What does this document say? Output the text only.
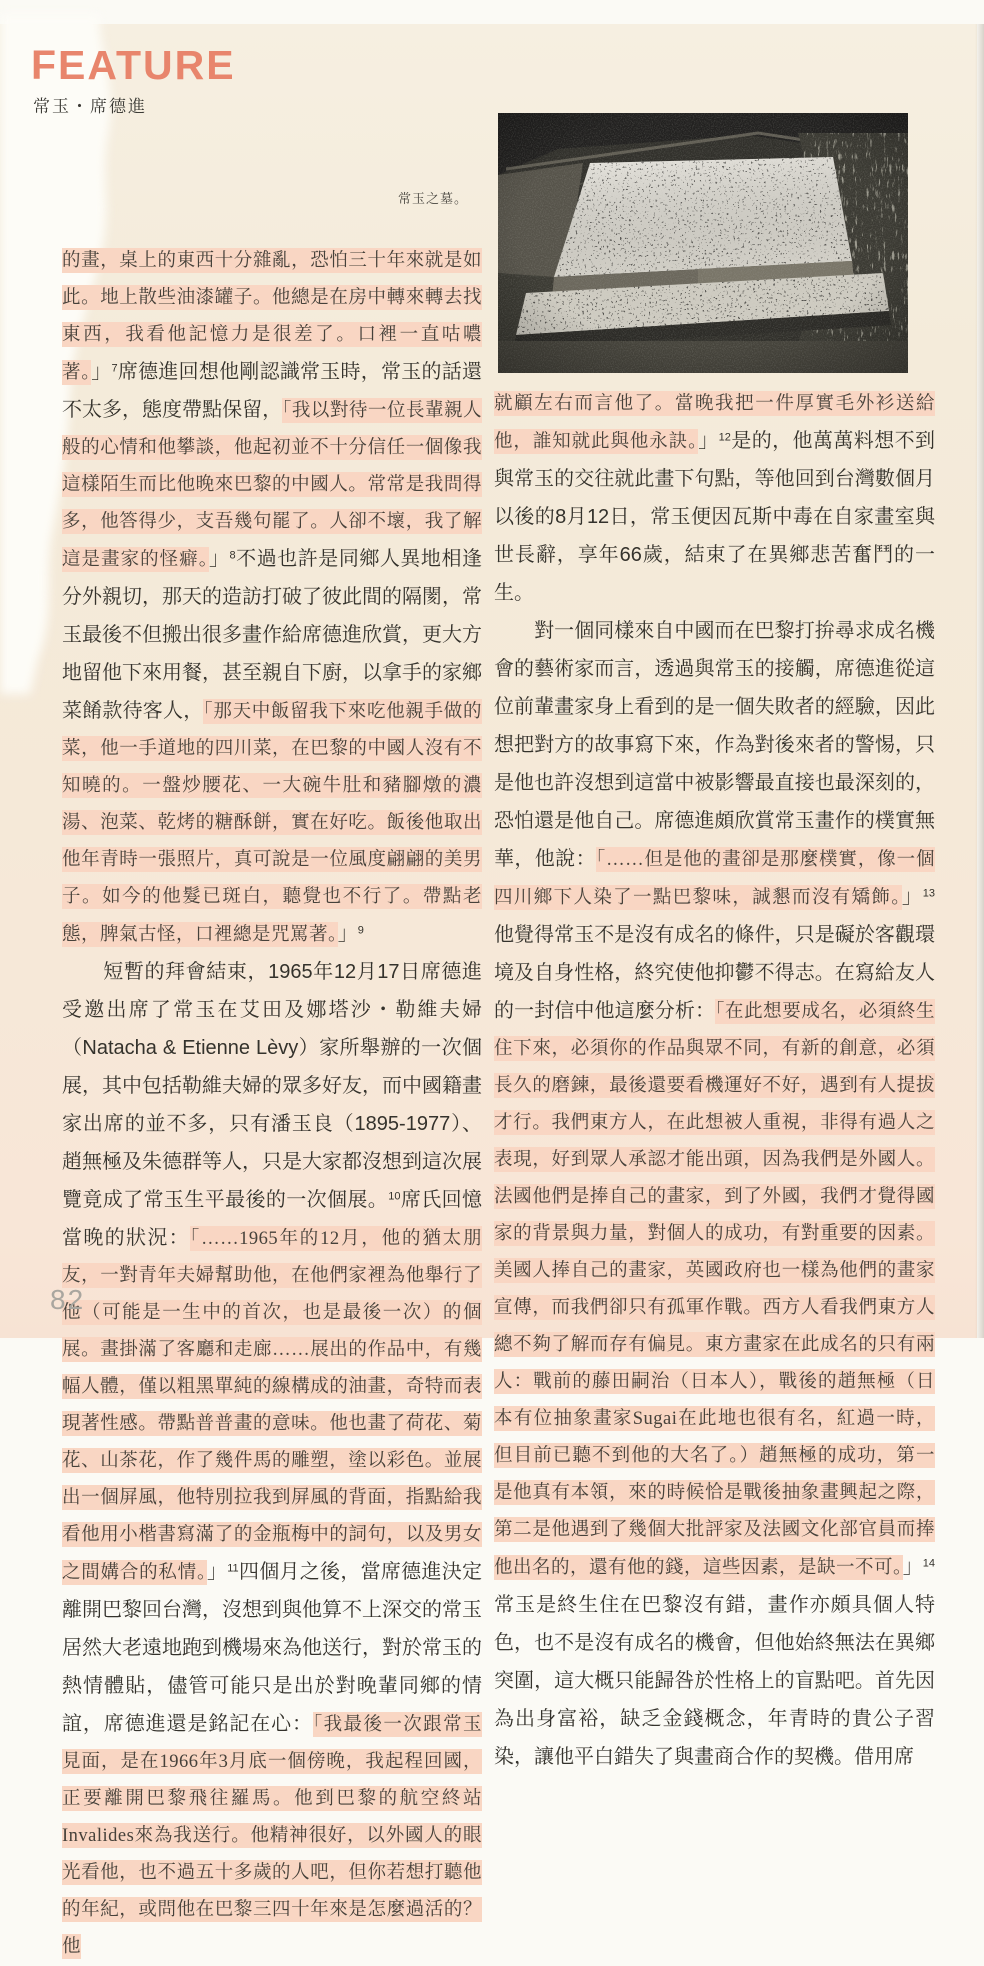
FEATURE
常玉・席德進
常玉之墓。
的畫，桌上的東西十分雜亂，恐怕三十年來就是如此。地上散些油漆罐子。他總是在房中轉來轉去找東西，我看他記憶力是很差了。口裡一直咕噥著。」$^7$席德進回想他剛認識常玉時，常玉的話還不太多，態度帶點保留，「我以對待一位長輩親人般的心情和他攀談，他起初並不十分信任一個像我這樣陌生而比他晚來巴黎的中國人。常常是我問得多，他答得少，支吾幾句罷了。人卻不壞，我了解這是畫家的怪癖。」$^8$不過也許是同鄉人異地相逢分外親切，那天的造訪打破了彼此間的隔閡，常玉最後不但搬出很多畫作給席德進欣賞，更大方地留他下來用餐，甚至親自下廚，以拿手的家鄉菜餚款待客人，「那天中飯留我下來吃他親手做的菜，他一手道地的四川菜，在巴黎的中國人沒有不知曉的。一盤炒腰花、一大碗牛肚和豬腳燉的濃湯、泡菜、乾烤的糖酥餅，實在好吃。飯後他取出他年青時一張照片，真可說是一位風度翩翩的美男子。如今的他髮已斑白，聽覺也不行了。帶點老態，脾氣古怪，口裡總是咒罵著。」$^9$
　　短暫的拜會結束，1965年12月17日席德進受邀出席了常玉在艾田及娜塔沙・勒維夫婦（Natacha & Etienne Lèvy）家所舉辦的一次個展，其中包括勒維夫婦的眾多好友，而中國籍畫家出席的並不多，只有潘玉良（1895-1977）、趙無極及朱德群等人，只是大家都沒想到這次展覽竟成了常玉生平最後的一次個展。$^{10}$席氏回憶當晚的狀況：「……1965年的12月，他的猶太朋友，一對青年夫婦幫助他，在他們家裡為他舉行了他（可能是一生中的首次，也是最後一次）的個展。畫掛滿了客廳和走廊……展出的作品中，有幾幅人體，僅以粗黑單純的線構成的油畫，奇特而表現著性感。帶點普普畫的意味。他也畫了荷花、菊花、山茶花，作了幾件馬的雕塑，塗以彩色。並展出一個屏風，他特別拉我到屏風的背面，指點給我看他用小楷書寫滿了的金瓶梅中的詞句，以及男女之間媾合的私情。」$^{11}$四個月之後，當席德進決定離開巴黎回台灣，沒想到與他算不上深交的常玉居然大老遠地跑到機場來為他送行，對於常玉的熱情體貼，儘管可能只是出於對晚輩同鄉的情誼，席德進還是銘記在心：「我最後一次跟常玉見面，是在1966年3月底一個傍晚，我起程回國，正要離開巴黎飛往羅馬。他到巴黎的航空終站Invalides來為我送行。他精神很好，以外國人的眼光看他，也不過五十多歲的人吧，但你若想打聽他的年紀，或問他在巴黎三四十年來是怎麼過活的？他
就顧左右而言他了。當晚我把一件厚實毛外衫送給他，誰知就此與他永訣。」$^{12}$是的，他萬萬料想不到與常玉的交往就此畫下句點，等他回到台灣數個月以後的8月12日，常玉便因瓦斯中毒在自家畫室與世長辭，享年66歲，結束了在異鄉悲苦奮鬥的一生。
　　對一個同樣來自中國而在巴黎打拚尋求成名機會的藝術家而言，透過與常玉的接觸，席德進從這位前輩畫家身上看到的是一個失敗者的經驗，因此想把對方的故事寫下來，作為對後來者的警惕，只是他也許沒想到這當中被影響最直接也最深刻的，恐怕還是他自己。席德進頗欣賞常玉畫作的樸實無華，他說：「……但是他的畫卻是那麼樸實，像一個四川鄉下人染了一點巴黎味，誠懇而沒有矯飾。」$^{13}$他覺得常玉不是沒有成名的條件，只是礙於客觀環境及自身性格，終究使他抑鬱不得志。在寫給友人的一封信中他這麼分析：「在此想要成名，必須終生住下來，必須你的作品與眾不同，有新的創意，必須長久的磨鍊，最後還要看機運好不好，遇到有人提拔才行。我們東方人，在此想被人重視，非得有過人之表現，好到眾人承認才能出頭，因為我們是外國人。法國他們是捧自己的畫家，到了外國，我們才覺得國家的背景與力量，對個人的成功，有對重要的因素。美國人捧自己的畫家，英國政府也一樣為他們的畫家宣傳，而我們卻只有孤軍作戰。西方人看我們東方人總不夠了解而存有偏見。東方畫家在此成名的只有兩人：戰前的藤田嗣治（日本人），戰後的趙無極（日本有位抽象畫家Sugai在此地也很有名，紅過一時，但目前已聽不到他的大名了。）趙無極的成功，第一是他真有本領，來的時候恰是戰後抽象畫興起之際，第二是他遇到了幾個大批評家及法國文化部官員而捧他出名的，還有他的錢，這些因素，是缺一不可。」$^{14}$常玉是終生住在巴黎沒有錯，畫作亦頗具個人特色，也不是沒有成名的機會，但他始終無法在異鄉突圍，這大概只能歸咎於性格上的盲點吧。首先因為出身富裕，缺乏金錢概念，年青時的貴公子習染，讓他平白錯失了與畫商合作的契機。借用席
82
